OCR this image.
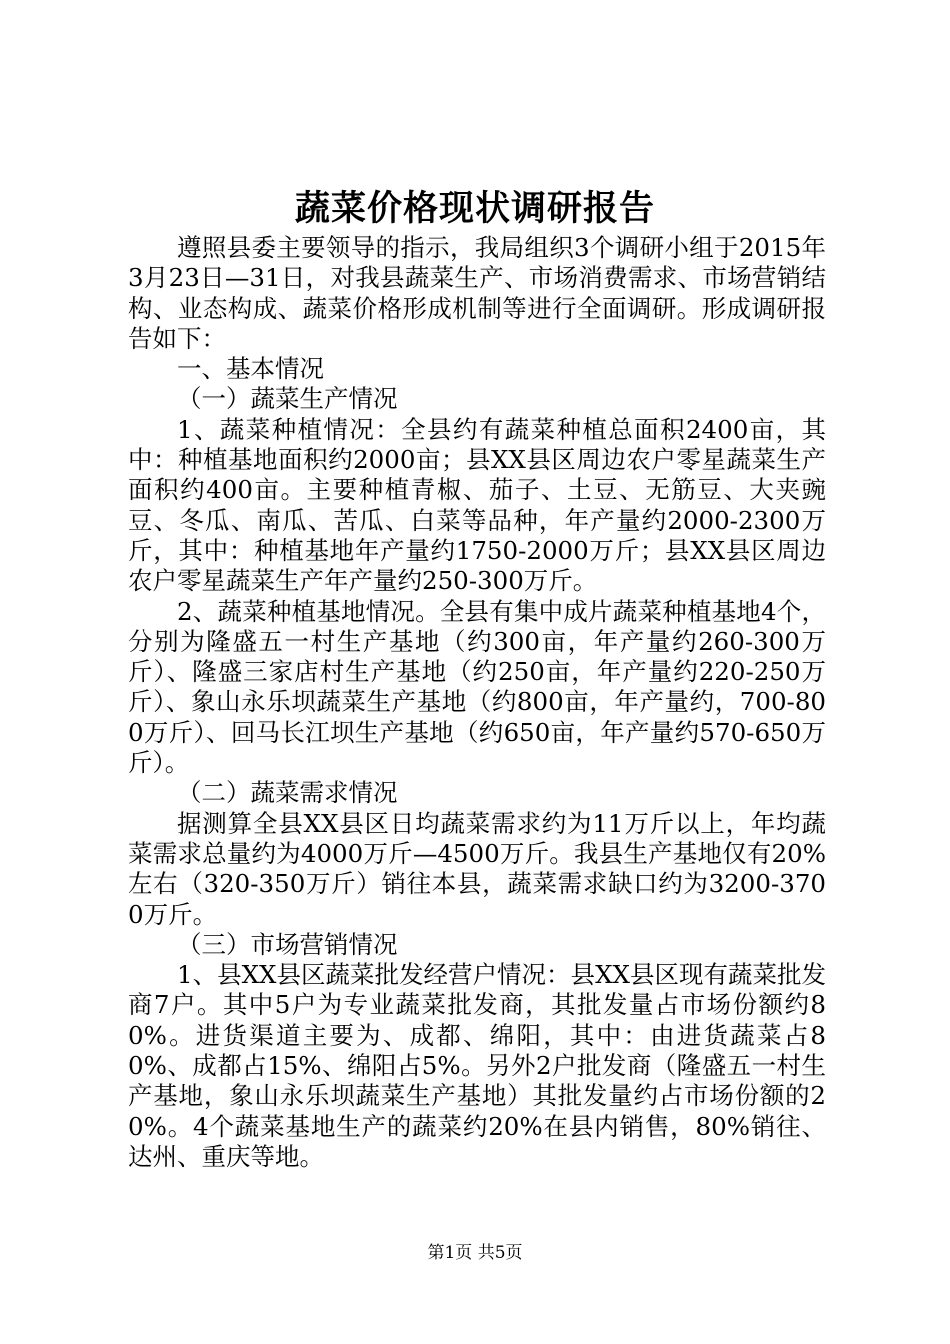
蔬菜价格现状调研报告

遵照县委主要领导的指示，我局组织3个调研小组于2015年3月23日—31日，对我县蔬菜生产、市场消费需求、市场营销结构、业态构成、蔬菜价格形成机制等进行全面调研。形成调研报告如下：

一、基本情况

（一）蔬菜生产情况

1、蔬菜种植情况：全县约有蔬菜种植总面积2400亩，其中：种植基地面积约2000亩；县XX县区周边农户零星蔬菜生产面积约400亩。主要种植青椒、茄子、土豆、无筋豆、大夹豌豆、冬瓜、南瓜、苦瓜、白菜等品种，年产量约2000-2300万斤，其中：种植基地年产量约1750-2000万斤；县XX县区周边农户零星蔬菜生产年产量约250-300万斤。

2、蔬菜种植基地情况。全县有集中成片蔬菜种植基地4个，分别为隆盛五一村生产基地（约300亩，年产量约260-300万斤）、隆盛三家店村生产基地（约250亩，年产量约220-250万斤）、象山永乐坝蔬菜生产基地（约800亩，年产量约，700-800万斤）、回马长江坝生产基地（约650亩，年产量约570-650万斤）。

（二）蔬菜需求情况

据测算全县XX县区日均蔬菜需求约为11万斤以上，年均蔬菜需求总量约为4000万斤—4500万斤。我县生产基地仅有20%左右（320-350万斤）销往本县，蔬菜需求缺口约为3200-3700万斤。

（三）市场营销情况

1、县XX县区蔬菜批发经营户情况：县XX县区现有蔬菜批发商7户。其中5户为专业蔬菜批发商，其批发量占市场份额约80%。进货渠道主要为、成都、绵阳，其中：由进货蔬菜占80%、成都占15%、绵阳占5%。另外2户批发商（隆盛五一村生产基地，象山永乐坝蔬菜生产基地）其批发量约占市场份额的20%。4个蔬菜基地生产的蔬菜约20%在县内销售，80%销往、达州、重庆等地。

第1页 共5页
